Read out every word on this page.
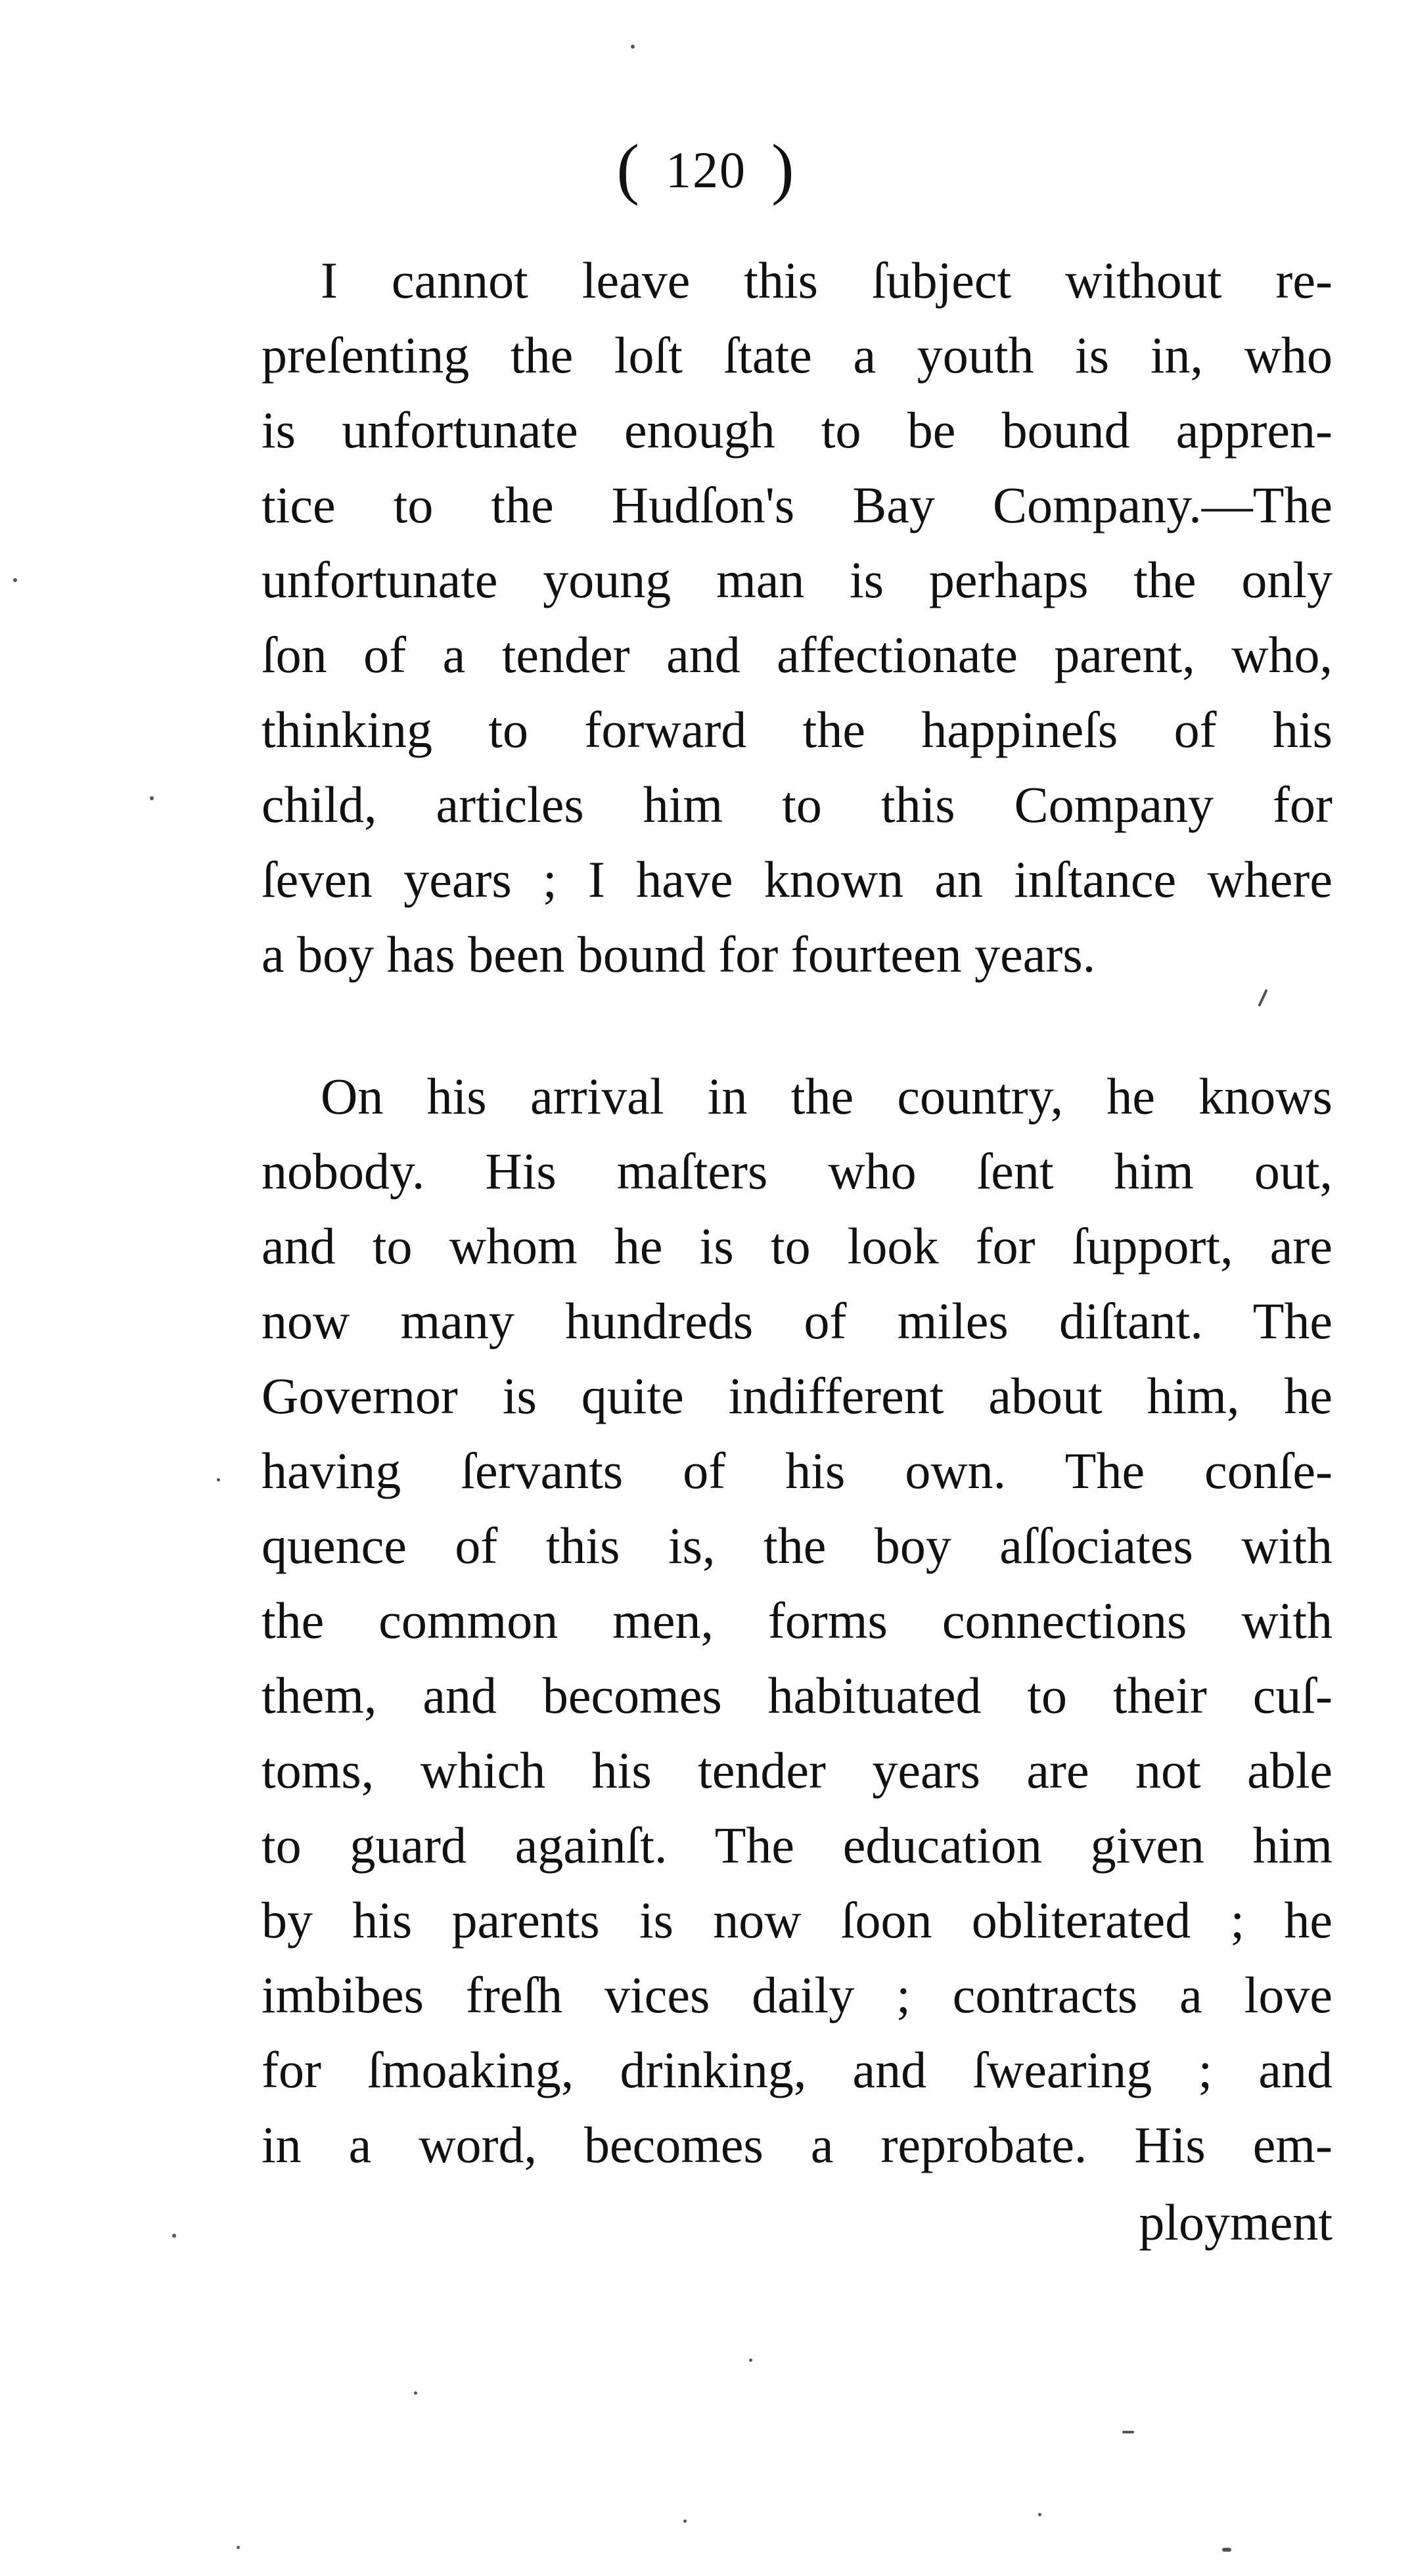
( 120 )
I cannot leave this ſubject without re-
preſenting the loſt ſtate a youth is in, who
is unfortunate enough to be bound appren-
tice to the Hudſon's Bay Company.—The
unfortunate young man is perhaps the only
ſon of a tender and affectionate parent, who,
thinking to forward the happineſs of his
child, articles him to this Company for
ſeven years ; I have known an inſtance where
a boy has been bound for fourteen years.
On his arrival in the country, he knows
nobody. His maſters who ſent him out,
and to whom he is to look for ſupport, are
now many hundreds of miles diſtant. The
Governor is quite indifferent about him, he
having ſervants of his own. The conſe-
quence of this is, the boy aſſociates with
the common men, forms connections with
them, and becomes habituated to their cuſ-
toms, which his tender years are not able
to guard againſt. The education given him
by his parents is now ſoon obliterated ; he
imbibes freſh vices daily ; contracts a love
for ſmoaking, drinking, and ſwearing ; and
in a word, becomes a reprobate. His em-
ployment
